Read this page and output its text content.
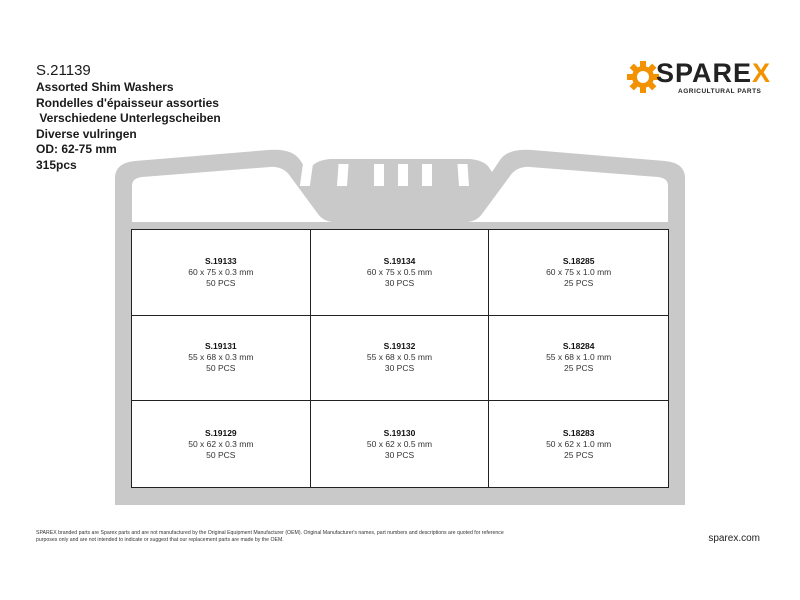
S.21139
Assorted Shim Washers
Rondelles d'épaisseur assorties
Verschiedene Unterlegscheiben
Diverse vulringen
OD: 62-75 mm
315pcs
SPAREX
AGRICULTURAL PARTS
S.19133
60 x 75 x 0.3 mm
50 PCS
S.19134
60 x 75 x 0.5 mm
30 PCS
S.18285
60 x 75 x 1.0 mm
25 PCS
S.19131
55 x 68 x 0.3 mm
50 PCS
S.19132
55 x 68 x 0.5 mm
30 PCS
S.18284
55 x 68 x 1.0 mm
25 PCS
S.19129
50 x 62 x 0.3 mm
50 PCS
S.19130
50 x 62 x 0.5 mm
30 PCS
S.18283
50 x 62 x 1.0 mm
25 PCS
SPAREX branded parts are Sparex parts and are not manufactured by the Original Equipment Manufacturer (OEM). Original Manufacturer's names, part numbers and descriptions are quoted for reference purposes only and are not intended to indicate or suggest that our replacement parts are made by the OEM.	sparex.com
